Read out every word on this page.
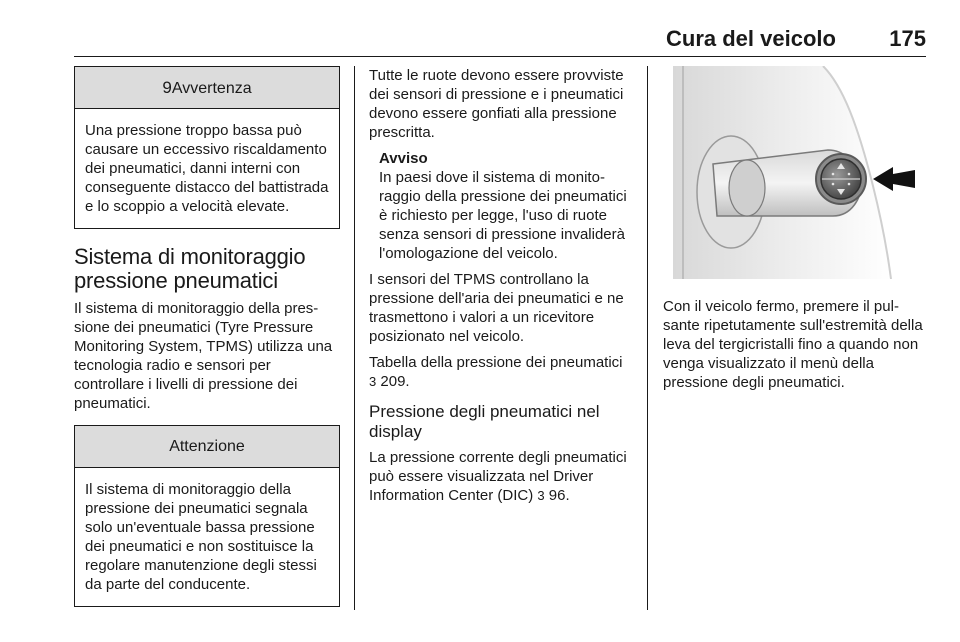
Cura del veicolo 175
9Avvertenza

Una pressione troppo bassa può causare un eccessivo riscaldamento dei pneumatici, danni interni con conseguente distacco del battistrada e lo scoppio a velocità elevate.

Sistema di monitoraggio pressione pneumatici

Il sistema di monitoraggio della pressione dei pneumatici (Tyre Pressure Monitoring System, TPMS) utilizza una tecnologia radio e sensori per controllare i livelli di pressione dei pneumatici.

Attenzione

Il sistema di monitoraggio della pressione dei pneumatici segnala solo un'eventuale bassa pressione dei pneumatici e non sostituisce la regolare manutenzione degli stessi da parte del conducente.

Tutte le ruote devono essere provviste dei sensori di pressione e i pneumatici devono essere gonfiati alla pressione prescritta.

Avviso
In paesi dove il sistema di monitoraggio della pressione dei pneumatici è richiesto per legge, l'uso di ruote senza sensori di pressione invaliderà l'omologazione del veicolo.

I sensori del TPMS controllano la pressione dell'aria dei pneumatici e ne trasmettono i valori a un ricevitore posizionato nel veicolo.

Tabella della pressione dei pneumatici 3 209.

Pressione degli pneumatici nel display

La pressione corrente degli pneumatici può essere visualizzata nel Driver Information Center (DIC) 3 96.

Con il veicolo fermo, premere il pulsante ripetutamente sull'estremità della leva del tergicristalli fino a quando non venga visualizzato il menù della pressione degli pneumatici.
